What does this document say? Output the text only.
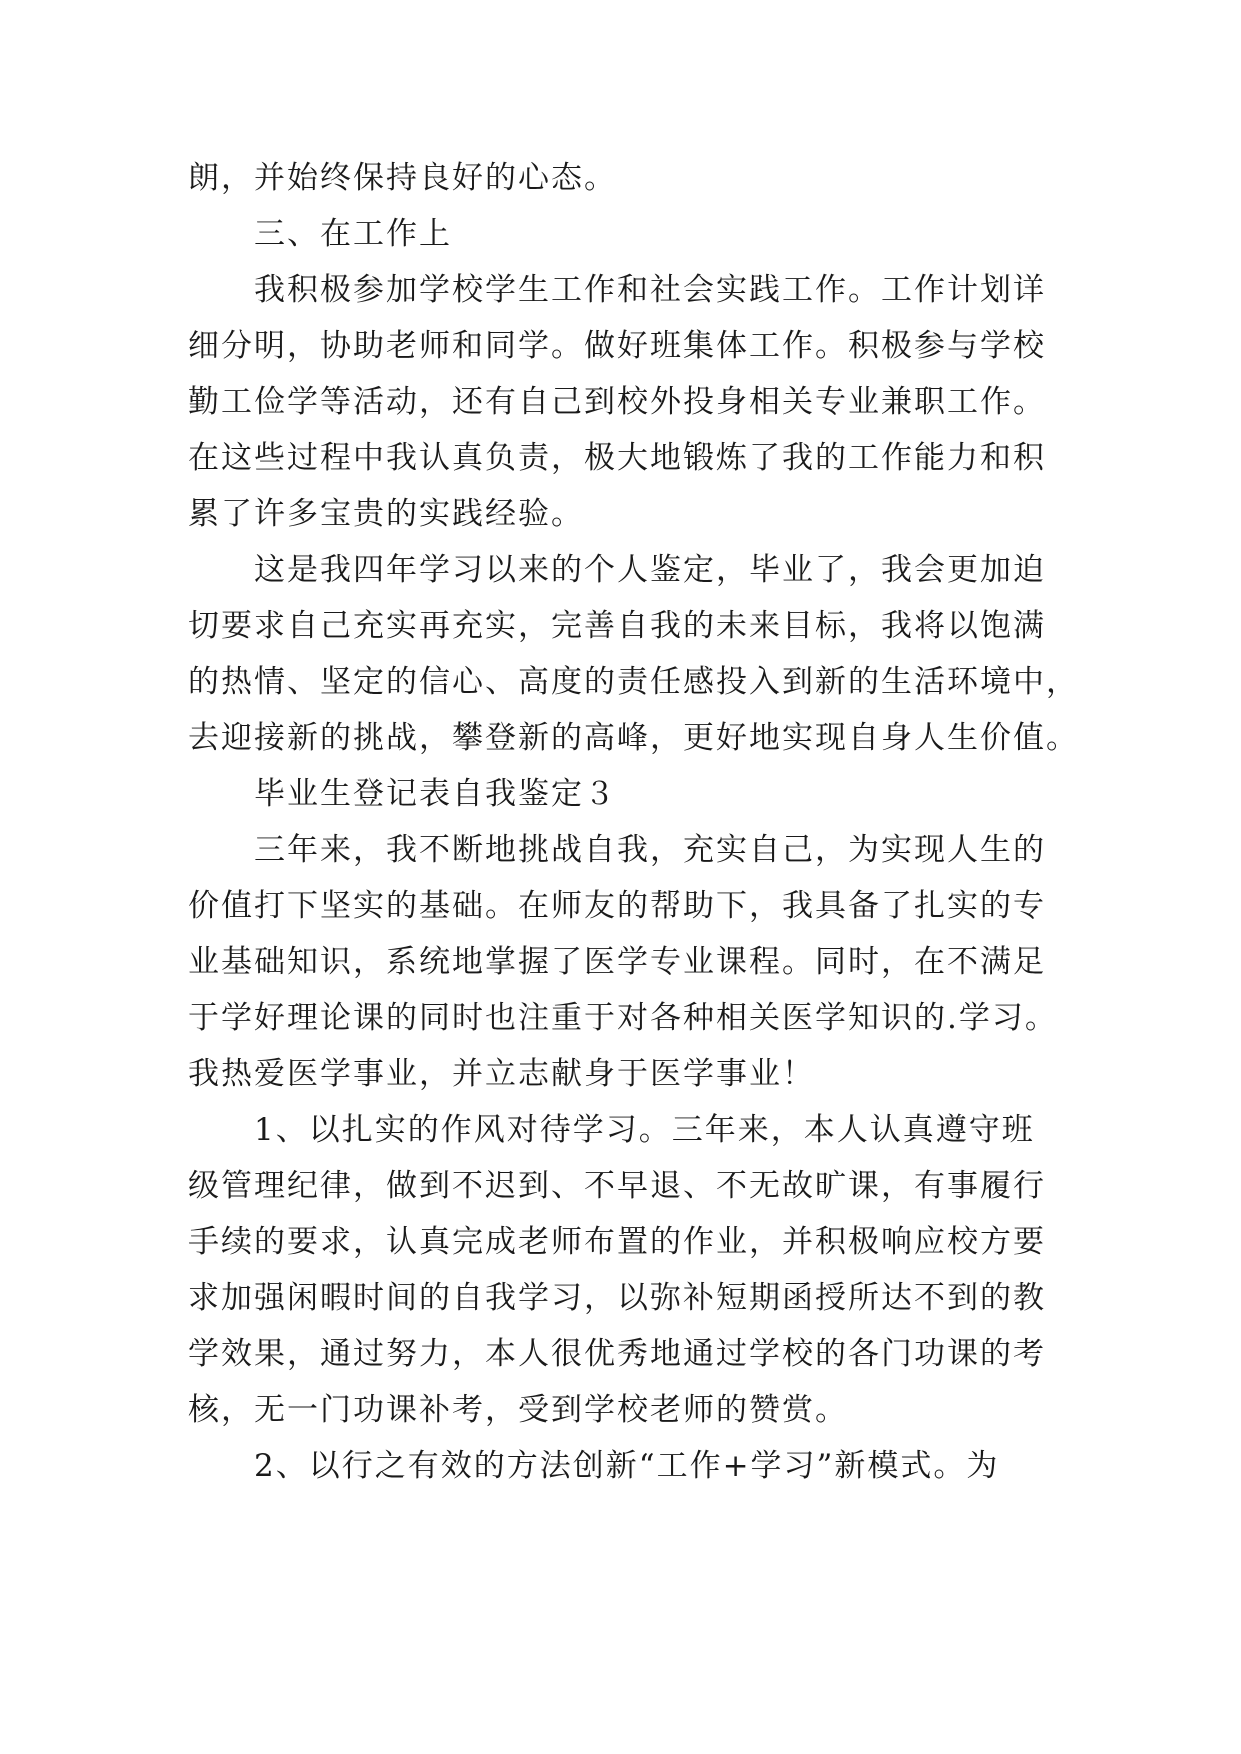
朗，并始终保持良好的心态。
三、在工作上
我积极参加学校学生工作和社会实践工作。工作计划详
细分明，协助老师和同学。做好班集体工作。积极参与学校
勤工俭学等活动，还有自己到校外投身相关专业兼职工作。
在这些过程中我认真负责，极大地锻炼了我的工作能力和积
累了许多宝贵的实践经验。
这是我四年学习以来的个人鉴定，毕业了，我会更加迫
切要求自己充实再充实，完善自我的未来目标，我将以饱满
的热情、坚定的信心、高度的责任感投入到新的生活环境中，
去迎接新的挑战，攀登新的高峰，更好地实现自身人生价值。
毕业生登记表自我鉴定３
三年来，我不断地挑战自我，充实自己，为实现人生的
价值打下坚实的基础。在师友的帮助下，我具备了扎实的专
业基础知识，系统地掌握了医学专业课程。同时，在不满足
于学好理论课的同时也注重于对各种相关医学知识的.学习。
我热爱医学事业，并立志献身于医学事业！
1、以扎实的作风对待学习。三年来，本人认真遵守班
级管理纪律，做到不迟到、不早退、不无故旷课，有事履行
手续的要求，认真完成老师布置的作业，并积极响应校方要
求加强闲暇时间的自我学习，以弥补短期函授所达不到的教
学效果，通过努力，本人很优秀地通过学校的各门功课的考
核，无一门功课补考，受到学校老师的赞赏。
2、以行之有效的方法创新“工作+学习”新模式。为
